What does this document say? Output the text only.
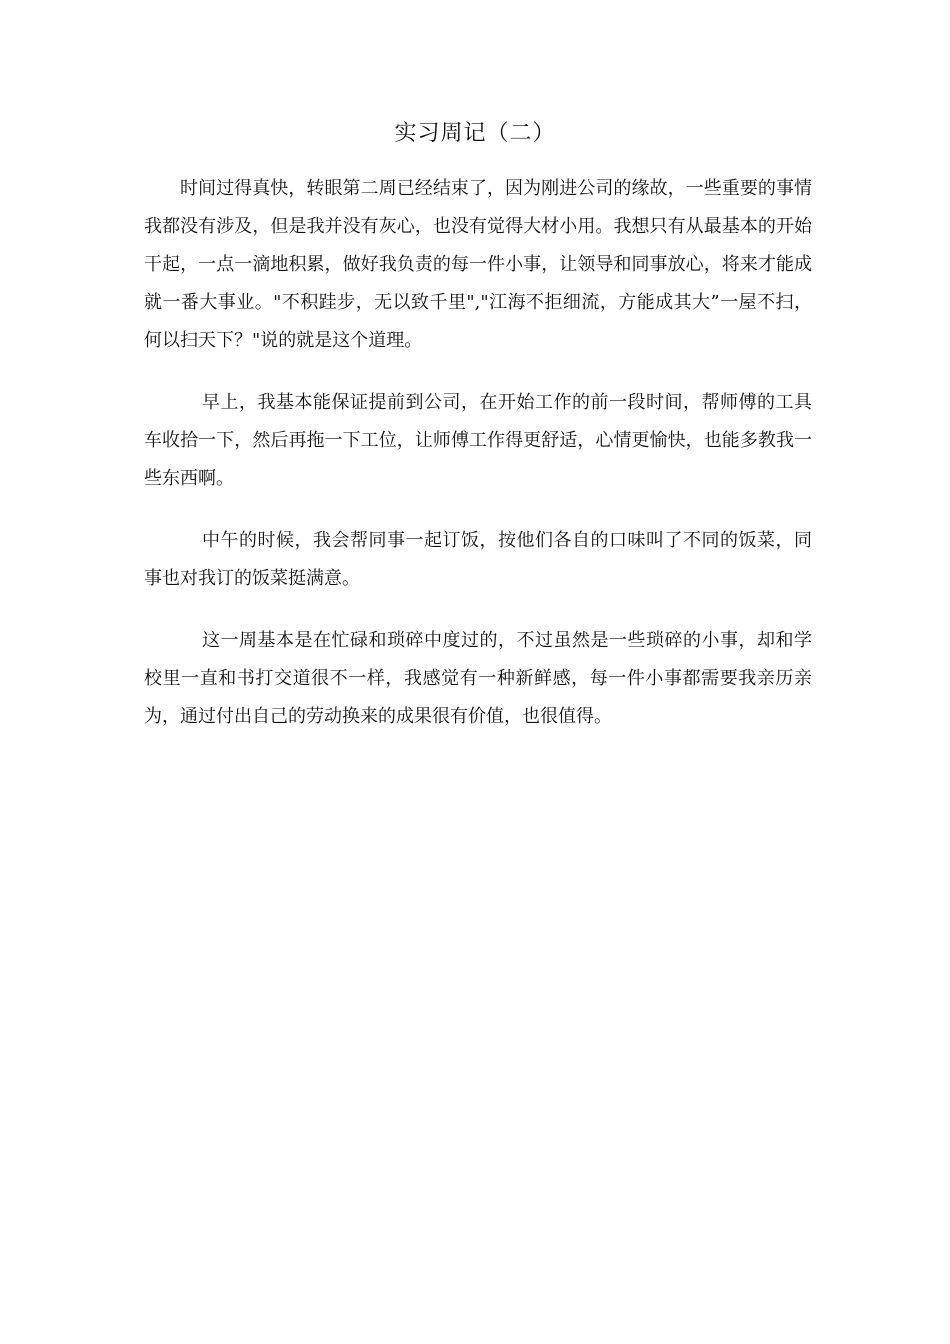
实习周记（二）

时间过得真快，转眼第二周已经结束了，因为刚进公司的缘故，一些重要的事情我都没有涉及，但是我并没有灰心，也没有觉得大材小用。我想只有从最基本的开始干起，一点一滴地积累，做好我负责的每一件小事，让领导和同事放心，将来才能成就一番大事业。"不积跬步，无以致千里","江海不拒细流，方能成其大”一屋不扫，何以扫天下？"说的就是这个道理。

早上，我基本能保证提前到公司，在开始工作的前一段时间，帮师傅的工具车收拾一下，然后再拖一下工位，让师傅工作得更舒适，心情更愉快，也能多教我一些东西啊。

中午的时候，我会帮同事一起订饭，按他们各自的口味叫了不同的饭菜，同事也对我订的饭菜挺满意。

这一周基本是在忙碌和琐碎中度过的，不过虽然是一些琐碎的小事，却和学校里一直和书打交道很不一样，我感觉有一种新鲜感，每一件小事都需要我亲历亲为，通过付出自己的劳动换来的成果很有价值，也很值得。
